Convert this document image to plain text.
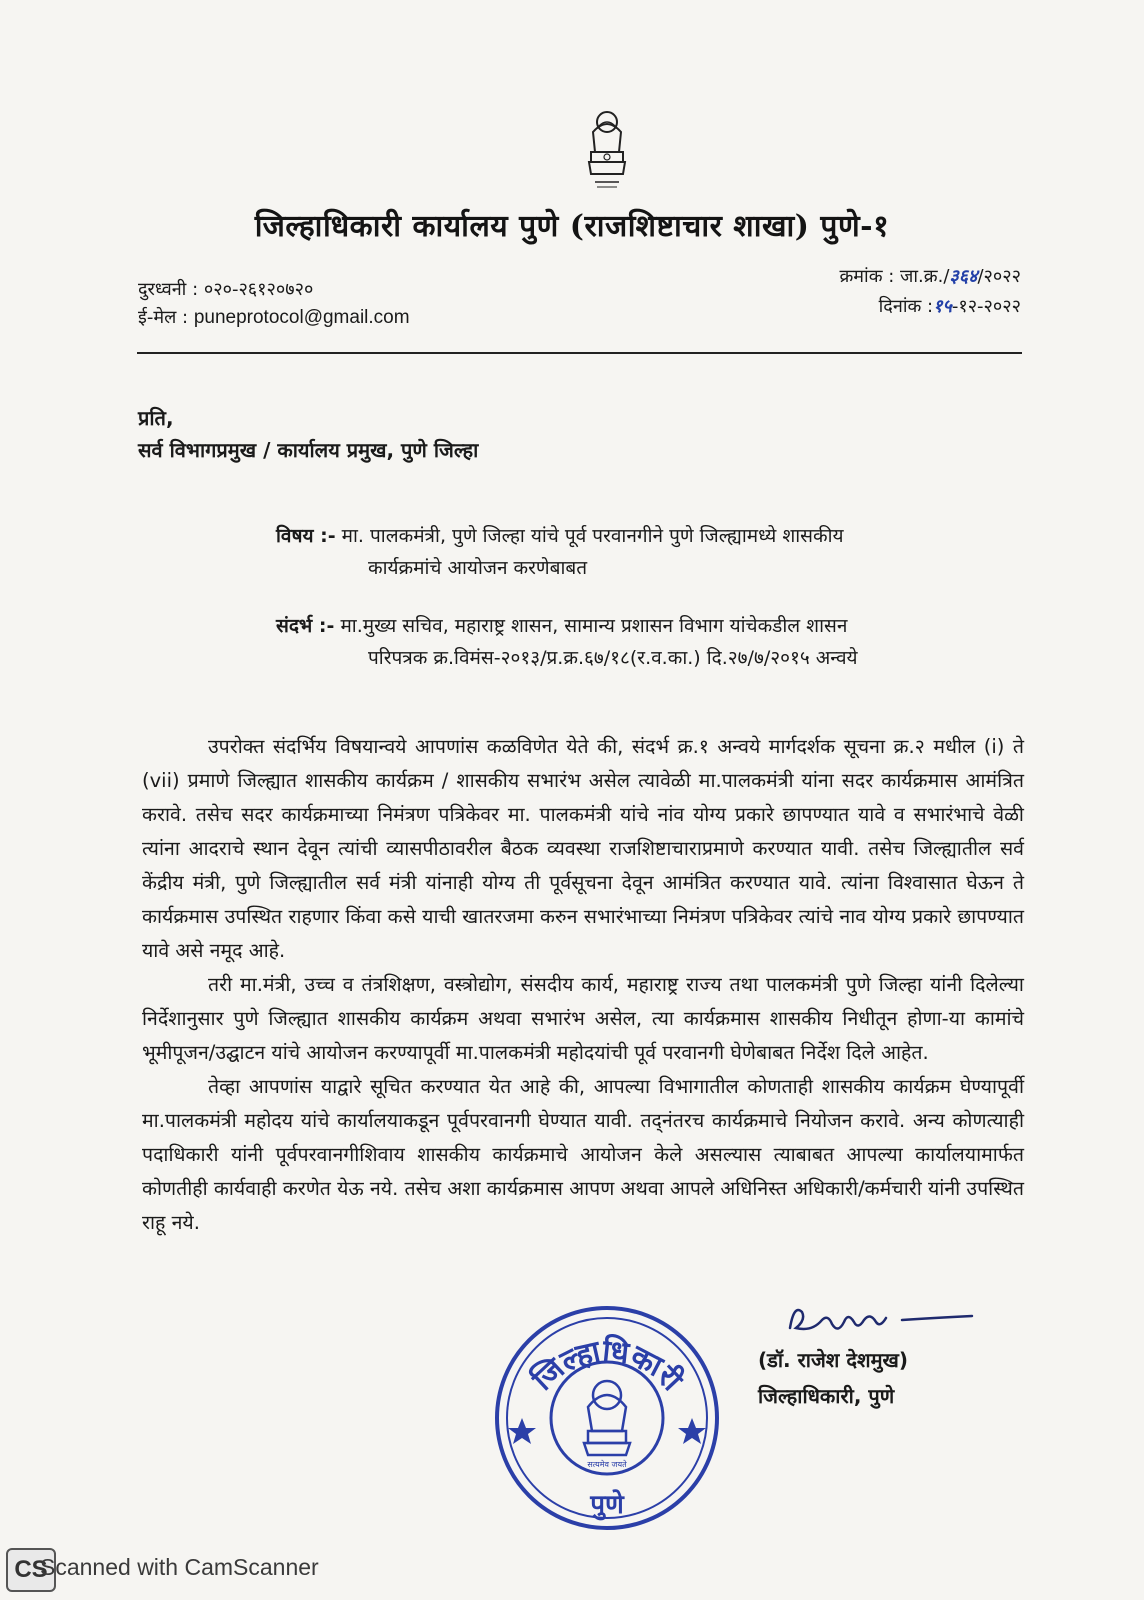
जिल्हाधिकारी कार्यालय पुणे (राजशिष्टाचार शाखा) पुणे-१
दुरध्वनी : ०२०-२६१२०७२०
ई-मेल : puneprotocol@gmail.com
क्रमांक : जा.क्र./३६४/२०२२
दिनांक :१५-१२-२०२२
प्रति,
सर्व विभागप्रमुख / कार्यालय प्रमुख, पुणे जिल्हा
विषय :- मा. पालकमंत्री, पुणे जिल्हा यांचे पूर्व परवानगीने पुणे जिल्ह्यामध्ये शासकीय
कार्यक्रमांचे आयोजन करणेबाबत
संदर्भ :- मा.मुख्य सचिव, महाराष्ट्र शासन, सामान्य प्रशासन विभाग यांचेकडील शासन
परिपत्रक क्र.विमंस-२०१३/प्र.क्र.६७/१८(र.व.का.) दि.२७/७/२०१५ अन्वये

उपरोक्त संदर्भिय विषयान्वये आपणांस कळविणेत येते की, संदर्भ क्र.१ अन्वये मार्गदर्शक सूचना क्र.२ मधील (i) ते (vii) प्रमाणे जिल्ह्यात शासकीय कार्यक्रम / शासकीय सभारंभ असेल त्यावेळी मा.पालकमंत्री यांना सदर कार्यक्रमास आमंत्रित करावे. तसेच सदर कार्यक्रमाच्या निमंत्रण पत्रिकेवर मा. पालकमंत्री यांचे नांव योग्य प्रकारे छापण्यात यावे व सभारंभाचे वेळी त्यांना आदराचे स्थान देवून त्यांची व्यासपीठावरील बैठक व्यवस्था राजशिष्टाचाराप्रमाणे करण्यात यावी. तसेच जिल्ह्यातील सर्व केंद्रीय मंत्री, पुणे जिल्ह्यातील सर्व मंत्री यांनाही योग्य ती पूर्वसूचना देवून आमंत्रित करण्यात यावे. त्यांना विश्वासात घेऊन ते कार्यक्रमास उपस्थित राहणार किंवा कसे याची खातरजमा करुन सभारंभाच्या निमंत्रण पत्रिकेवर त्यांचे नाव योग्य प्रकारे छापण्यात यावे असे नमूद आहे.

तरी मा.मंत्री, उच्च व तंत्रशिक्षण, वस्त्रोद्योग, संसदीय कार्य, महाराष्ट्र राज्य तथा पालकमंत्री पुणे जिल्हा यांनी दिलेल्या निर्देशानुसार पुणे जिल्ह्यात शासकीय कार्यक्रम अथवा सभारंभ असेल, त्या कार्यक्रमास शासकीय निधीतून होणा-या कामांचे भूमीपूजन/उद्घाटन यांचे आयोजन करण्यापूर्वी मा.पालकमंत्री महोदयांची पूर्व परवानगी घेणेबाबत निर्देश दिले आहेत.

तेव्हा आपणांस याद्वारे सूचित करण्यात येत आहे की, आपल्या विभागातील कोणताही शासकीय कार्यक्रम घेण्यापूर्वी मा.पालकमंत्री महोदय यांचे कार्यालयाकडून पूर्वपरवानगी घेण्यात यावी. तद्नंतरच कार्यक्रमाचे नियोजन करावे. अन्य कोणत्याही पदाधिकारी यांनी पूर्वपरवानगीशिवाय शासकीय कार्यक्रमाचे आयोजन केले असल्यास त्याबाबत आपल्या कार्यालयामार्फत कोणतीही कार्यवाही करणेत येऊ नये. तसेच अशा कार्यक्रमास आपण अथवा आपले अधिनिस्त अधिकारी/कर्मचारी यांनी उपस्थित राहू नये.

जिल्हाधिकारी
पुणे
सत्यमेव जयते
(डॉ. राजेश देशमुख)
जिल्हाधिकारी, पुणे
CS
Scanned with CamScanner
